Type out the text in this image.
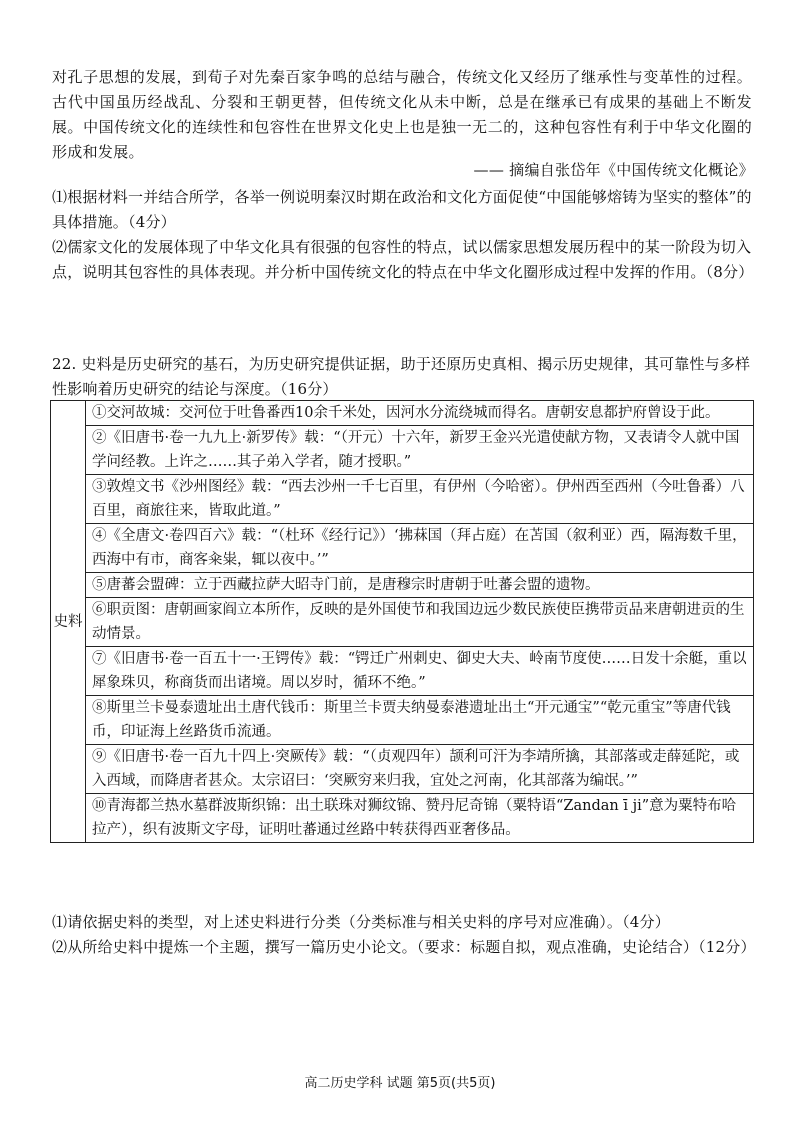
对孔子思想的发展，到荀子对先秦百家争鸣的总结与融合，传统文化又经历了继承性与变革性的过程。古代中国虽历经战乱、分裂和王朝更替，但传统文化从未中断，总是在继承已有成果的基础上不断发展。中国传统文化的连续性和包容性在世界文化史上也是独一无二的，这种包容性有利于中华文化圈的形成和发展。

—— 摘编自张岱年《中国传统文化概论》
⑴根据材料一并结合所学，各举一例说明秦汉时期在政治和文化方面促使“中国能够熔铸为坚实的整体”的具体措施。（4分）
⑵儒家文化的发展体现了中华文化具有很强的包容性的特点，试以儒家思想发展历程中的某一阶段为切入点，说明其包容性的具体表现。并分析中国传统文化的特点在中华文化圈形成过程中发挥的作用。（8分）
22. 史料是历史研究的基石，为历史研究提供证据，助于还原历史真相、揭示历史规律，其可靠性与多样性影响着历史研究的结论与深度。（16分）
史料	①交河故城：交河位于吐鲁番西10余千米处，因河水分流绕城而得名。唐朝安息都护府曾设于此。
②《旧唐书·卷一九九上·新罗传》载：“（开元）十六年，新罗王金兴光遣使献方物，又表请令人就中国学问经教。上许之……其子弟入学者，随才授职。”
③敦煌文书《沙州图经》载：“西去沙州一千七百里，有伊州（今哈密）。伊州西至西州（今吐鲁番）八百里，商旅往来，皆取此道。”
④《全唐文·卷四百六》载：“（杜环《经行记》）‘拂菻国（拜占庭）在苫国（叙利亚）西，隔海数千里，西海中有市，商客籴粜，辄以夜中。’”
⑤唐蕃会盟碑：立于西藏拉萨大昭寺门前，是唐穆宗时唐朝于吐蕃会盟的遗物。
⑥职贡图：唐朝画家阎立本所作，反映的是外国使节和我国边远少数民族使臣携带贡品来唐朝进贡的生动情景。
⑦《旧唐书·卷一百五十一·王锷传》载：“锷迁广州刺史、御史大夫、岭南节度使……日发十余艇，重以犀象珠贝，称商货而出诸境。周以岁时，循环不绝。”
⑧斯里兰卡曼泰遗址出土唐代钱币：斯里兰卡贾夫纳曼泰港遗址出土“开元通宝”“乾元重宝”等唐代钱币，印证海上丝路货币流通。
⑨《旧唐书·卷一百九十四上·突厥传》载：“（贞观四年）颉利可汗为李靖所擒，其部落或走薛延陀，或入西域，而降唐者甚众。太宗诏曰：‘突厥穷来归我，宜处之河南，化其部落为编氓。’”
⑩青海都兰热水墓群波斯织锦：出土联珠对狮纹锦、赞丹尼奇锦（粟特语“Zandan ī ji”意为粟特布哈拉产），织有波斯文字母，证明吐蕃通过丝路中转获得西亚奢侈品。
⑴请依据史料的类型，对上述史料进行分类（分类标准与相关史料的序号对应准确）。（4分）
⑵从所给史料中提炼一个主题，撰写一篇历史小论文。（要求：标题自拟，观点准确，史论结合）（12分）
高二历史学科 试题 第5页(共5页)
